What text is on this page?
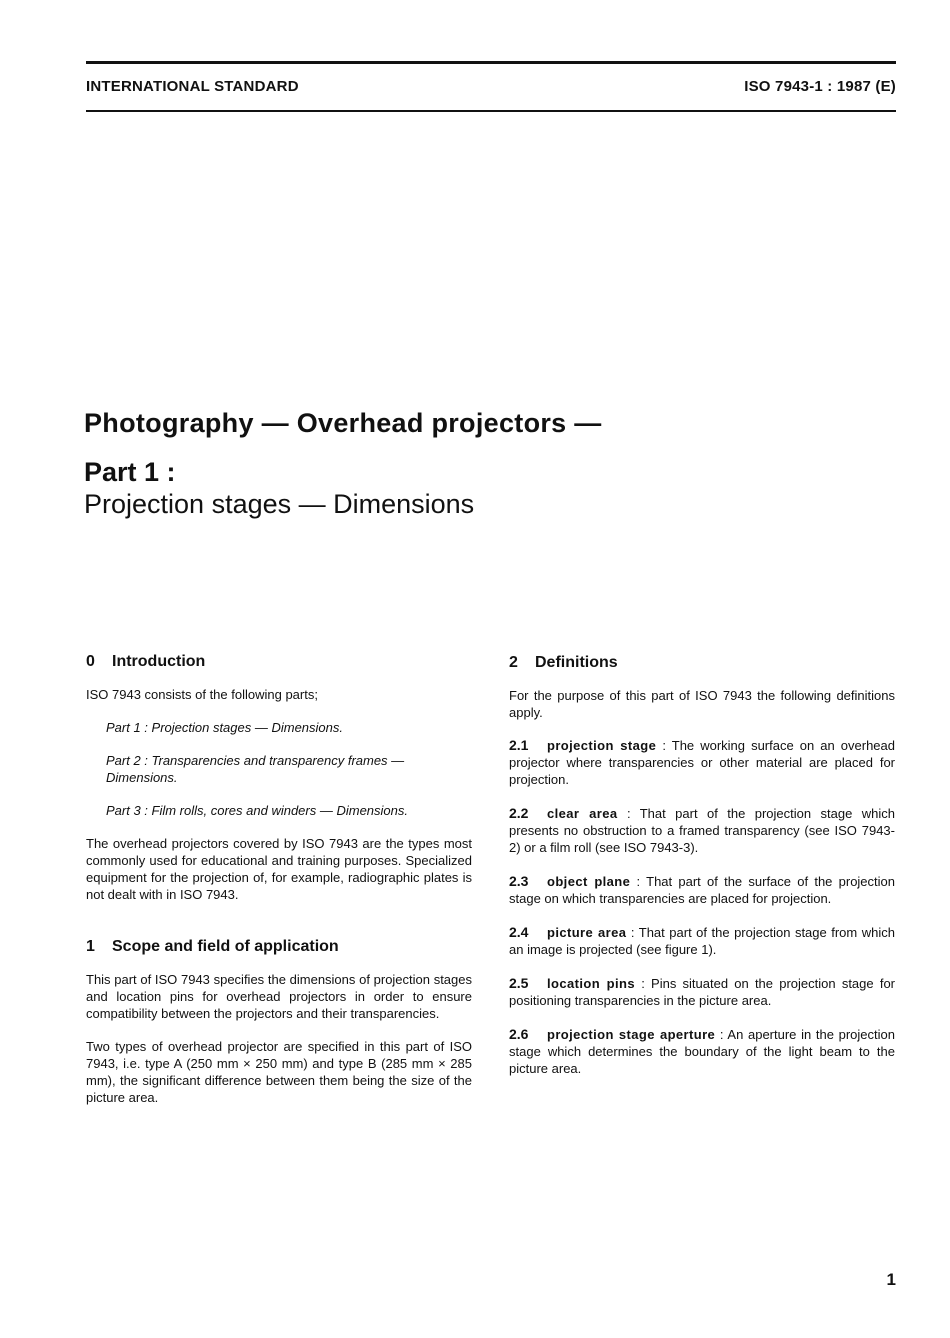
INTERNATIONAL STANDARD	ISO 7943-1 : 1987 (E)
Photography — Overhead projectors —
Part 1 :
Projection stages — Dimensions
0 Introduction

ISO 7943 consists of the following parts;

Part 1 : Projection stages — Dimensions.

Part 2 : Transparencies and transparency frames — Dimensions.

Part 3 : Film rolls, cores and winders — Dimensions.

The overhead projectors covered by ISO 7943 are the types most commonly used for educational and training purposes. Specialized equipment for the projection of, for example, radiographic plates is not dealt with in ISO 7943.

1 Scope and field of application

This part of ISO 7943 specifies the dimensions of projection stages and location pins for overhead projectors in order to ensure compatibility between the projectors and their transparencies.

Two types of overhead projector are specified in this part of ISO 7943, i.e. type A (250 mm × 250 mm) and type B (285 mm × 285 mm), the significant difference between them being the size of the picture area.

2 Definitions

For the purpose of this part of ISO 7943 the following definitions apply.

2.1 projection stage : The working surface on an overhead projector where transparencies or other material are placed for projection.

2.2 clear area : That part of the projection stage which presents no obstruction to a framed transparency (see ISO 7943-2) or a film roll (see ISO 7943-3).

2.3 object plane : That part of the surface of the projection stage on which transparencies are placed for projection.

2.4 picture area : That part of the projection stage from which an image is projected (see figure 1).

2.5 location pins : Pins situated on the projection stage for positioning transparencies in the picture area.

2.6 projection stage aperture : An aperture in the projection stage which determines the boundary of the light beam to the picture area.

1
